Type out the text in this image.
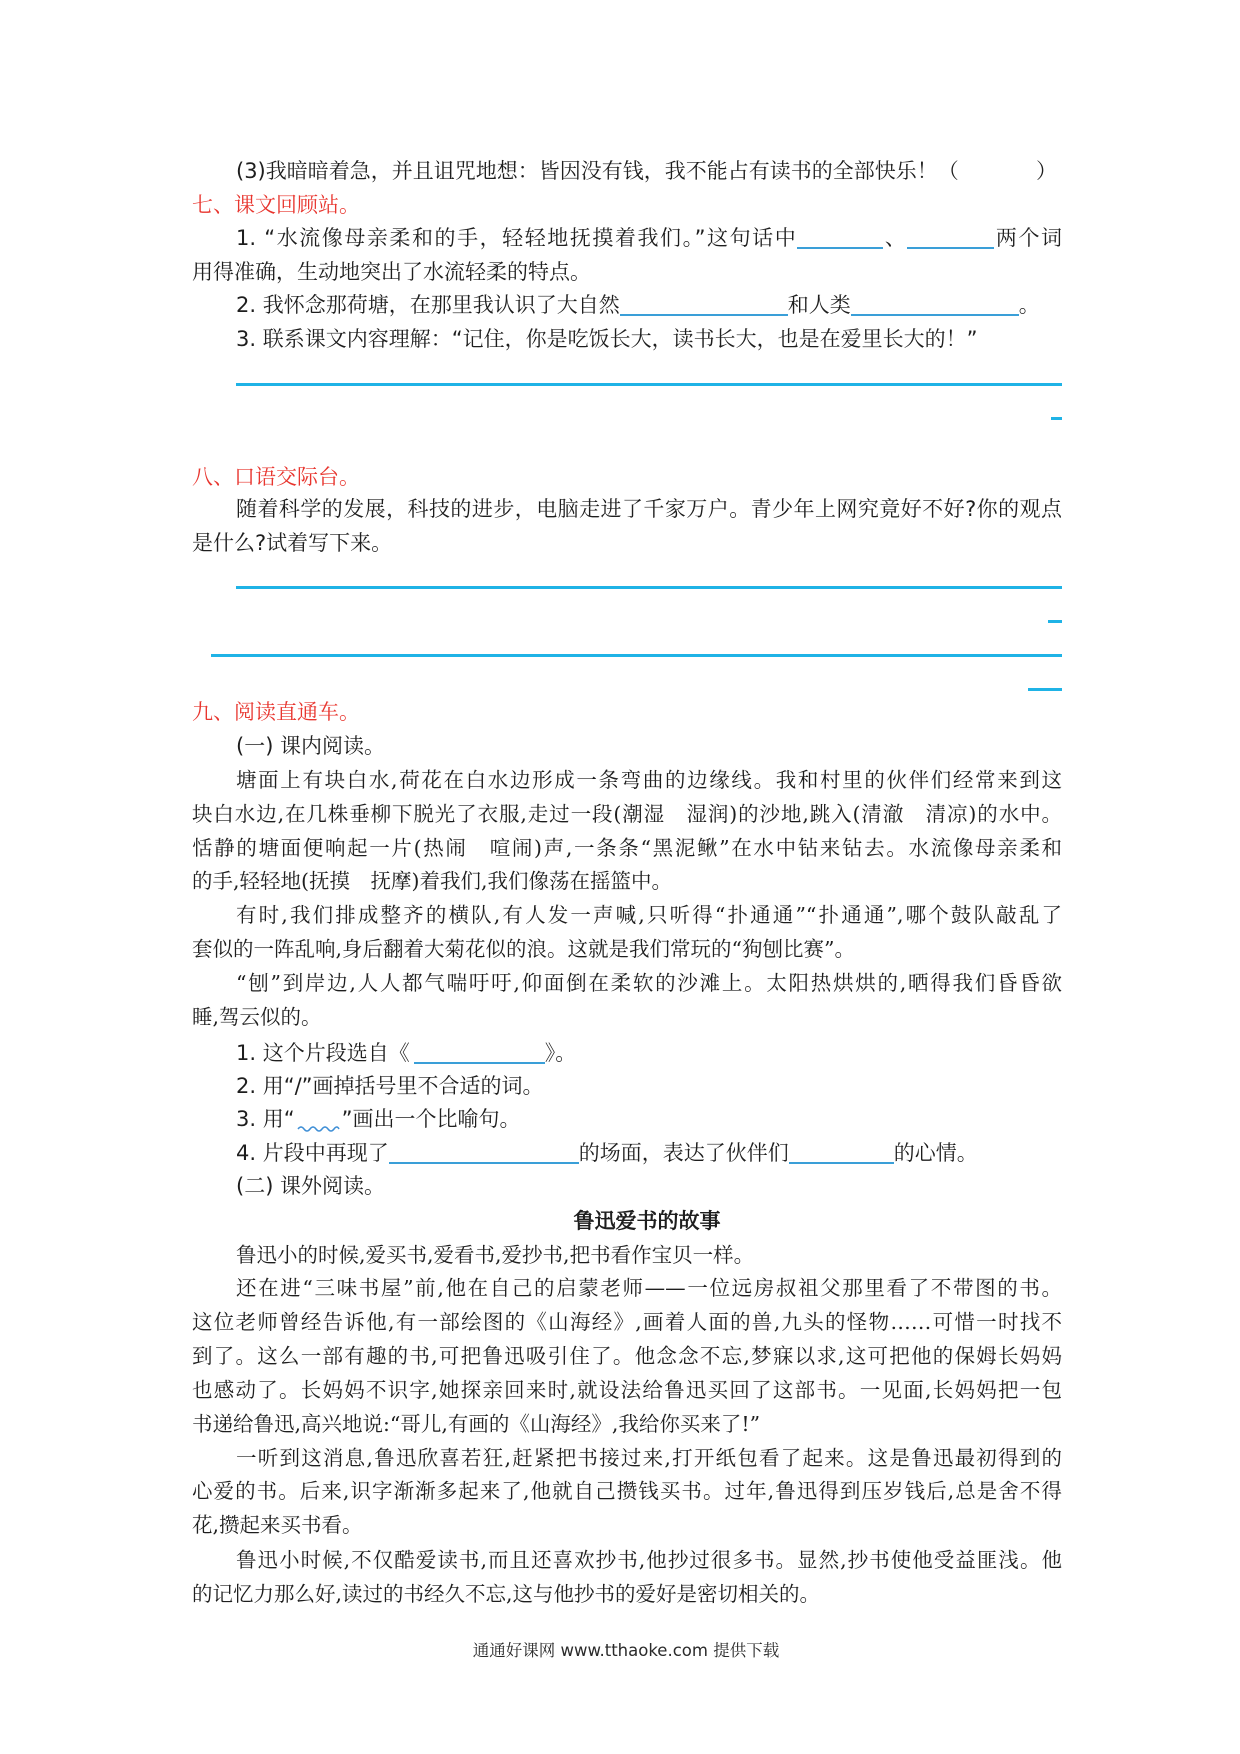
(3)我暗暗着急，并且诅咒地想：皆因没有钱，我不能占有读书的全部快乐！（	）
七、课文回顾站。
1. “水流像母亲柔和的手，轻轻地抚摸着我们。”这句话中	、	两个词
用得准确，生动地突出了水流轻柔的特点。
2. 我怀念那荷塘，在那里我认识了大自然	和人类	。
3. 联系课文内容理解：“记住，你是吃饭长大，读书长大，也是在爱里长大的！”
八、口语交际台。
随着科学的发展，科技的进步，电脑走进了千家万户。青少年上网究竟好不好?你的观点
是什么?试着写下来。
九、阅读直通车。
(一) 课内阅读。
塘面上有块白水,荷花在白水边形成一条弯曲的边缘线。我和村里的伙伴们经常来到这
块白水边,在几株垂柳下脱光了衣服,走过一段(潮湿　湿润)的沙地,跳入(清澈　清凉)的水中。
恬静的塘面便响起一片(热闹　喧闹)声,一条条“黑泥鳅”在水中钻来钻去。水流像母亲柔和
的手,轻轻地(抚摸　抚摩)着我们,我们像荡在摇篮中。
有时,我们排成整齐的横队,有人发一声喊,只听得“扑通通”“扑通通”,哪个鼓队敲乱了
套似的一阵乱响,身后翻着大菊花似的浪。这就是我们常玩的“狗刨比赛”。
“刨”到岸边,人人都气喘吁吁,仰面倒在柔软的沙滩上。太阳热烘烘的,晒得我们昏昏欲
睡,驾云似的。
1. 这个片段选自《	》。
2. 用“/”画掉括号里不合适的词。
3. 用“ ”画出一个比喻句。
4. 片段中再现了	的场面，表达了伙伴们	的心情。
(二) 课外阅读。
鲁迅爱书的故事
鲁迅小的时候,爱买书,爱看书,爱抄书,把书看作宝贝一样。
还在进“三味书屋”前,他在自己的启蒙老师——一位远房叔祖父那里看了不带图的书。
这位老师曾经告诉他,有一部绘图的《山海经》,画着人面的兽,九头的怪物……可惜一时找不
到了。这么一部有趣的书,可把鲁迅吸引住了。他念念不忘,梦寐以求,这可把他的保姆长妈妈
也感动了。长妈妈不识字,她探亲回来时,就设法给鲁迅买回了这部书。一见面,长妈妈把一包
书递给鲁迅,高兴地说:“哥儿,有画的《山海经》,我给你买来了!”
一听到这消息,鲁迅欣喜若狂,赶紧把书接过来,打开纸包看了起来。这是鲁迅最初得到的
心爱的书。后来,识字渐渐多起来了,他就自己攒钱买书。过年,鲁迅得到压岁钱后,总是舍不得
花,攒起来买书看。
鲁迅小时候,不仅酷爱读书,而且还喜欢抄书,他抄过很多书。显然,抄书使他受益匪浅。他
的记忆力那么好,读过的书经久不忘,这与他抄书的爱好是密切相关的。
通通好课网 www.tthaoke.com 提供下载
